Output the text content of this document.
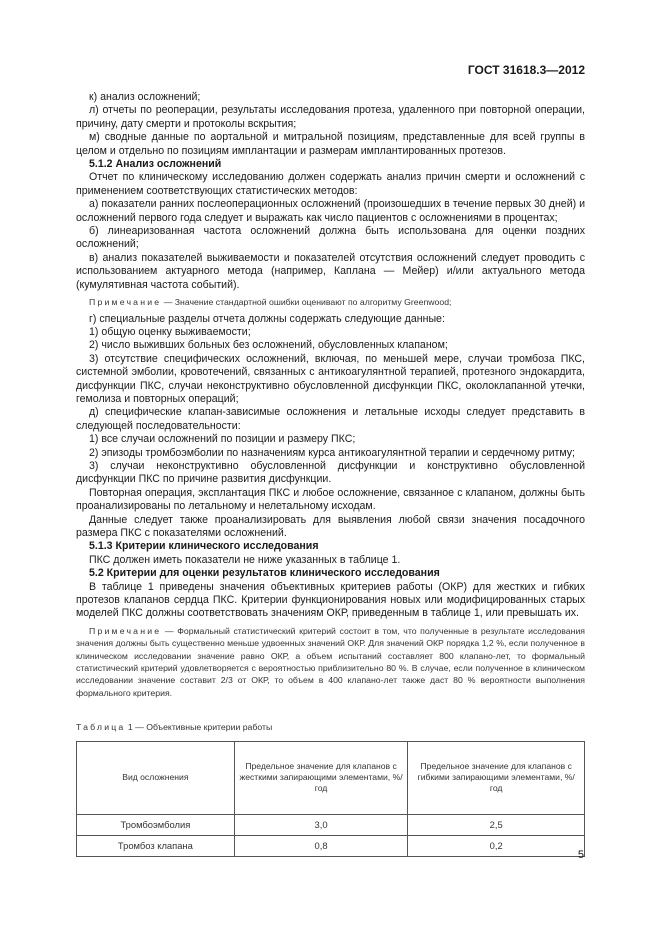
ГОСТ 31618.3—2012

к) анализ осложнений;

л) отчеты по реоперации, результаты исследования протеза, удаленного при повторной операции, причину, дату смерти и протоколы вскрытия;

м) сводные данные по аортальной и митральной позициям, представленные для всей группы в целом и отдельно по позициям имплантации и размерам имплантированных протезов.

5.1.2 Анализ осложнений

Отчет по клиническому исследованию должен содержать анализ причин смерти и осложнений с применением соответствующих статистических методов:

а) показатели ранних послеоперационных осложнений (произошедших в течение первых 30 дней) и осложнений первого года следует и выражать как число пациентов с осложнениями в процентах;

б) линеаризованная частота осложнений должна быть использована для оценки поздних осложнений;

в) анализ показателей выживаемости и показателей отсутствия осложнений следует проводить с использованием актуарного метода (например, Каплана — Мейер) и/или актуального метода (кумулятивная частота событий).

Примечание — Значение стандартной ошибки оценивают по алгоритму Greenwood;

г) специальные разделы отчета должны содержать следующие данные:

1) общую оценку выживаемости;

2) число выживших больных без осложнений, обусловленных клапаном;

3) отсутствие специфических осложнений, включая, по меньшей мере, случаи тромбоза ПКС, системной эмболии, кровотечений, связанных с антикоагулянтной терапией, протезного эндокардита, дисфункции ПКС, случаи неконструктивно обусловленной дисфункции ПКС, околоклапанной утечки, гемолиза и повторных операций;

д) специфические клапан-зависимые осложнения и летальные исходы следует представить в следующей последовательности:

1) все случаи осложнений по позиции и размеру ПКС;

2) эпизоды тромбоэмболии по назначениям курса антикоагулянтной терапии и сердечному ритму;

3) случаи неконструктивно обусловленной дисфункции и конструктивно обусловленной дисфункции ПКС по причине развития дисфункции.

Повторная операция, эксплантация ПКС и любое осложнение, связанное с клапаном, должны быть проанализированы по летальному и нелетальному исходам.

Данные следует также проанализировать для выявления любой связи значения посадочного размера ПКС с показателями осложнений.

5.1.3 Критерии клинического исследования

ПКС должен иметь показатели не ниже указанных в таблице 1.

5.2 Критерии для оценки результатов клинического исследования

В таблице 1 приведены значения объективных критериев работы (ОКР) для жестких и гибких протезов клапанов сердца ПКС. Критерии функционирования новых или модифицированных старых моделей ПКС должны соответствовать значениям ОКР, приведенным в таблице 1, или превышать их.

Примечание — Формальный статистический критерий состоит в том, что полученные в результате исследования значения должны быть существенно меньше удвоенных значений ОКР. Для значений ОКР порядка 1,2 %, если полученное в клиническом исследовании значение равно ОКР, а объем испытаний составляет 800 клапано-лет, то формальный статистический критерий удовлетворяется с вероятностью приблизительно 80 %. В случае, если полученное в клиническом исследовании значение составит 2/3 от ОКР, то объем в 400 клапано-лет также даст 80 % вероятности выполнения формального критерия.

Таблица 1 — Объективные критерии работы
Вид осложнения	Предельное значение для клапанов с жесткими запирающими элементами, %/год	Предельное значение для клапанов с гибкими запирающими элементами, %/год
Тромбоэмболия	3,0	2,5
Тромбоз клапана	0,8	0,2
5
